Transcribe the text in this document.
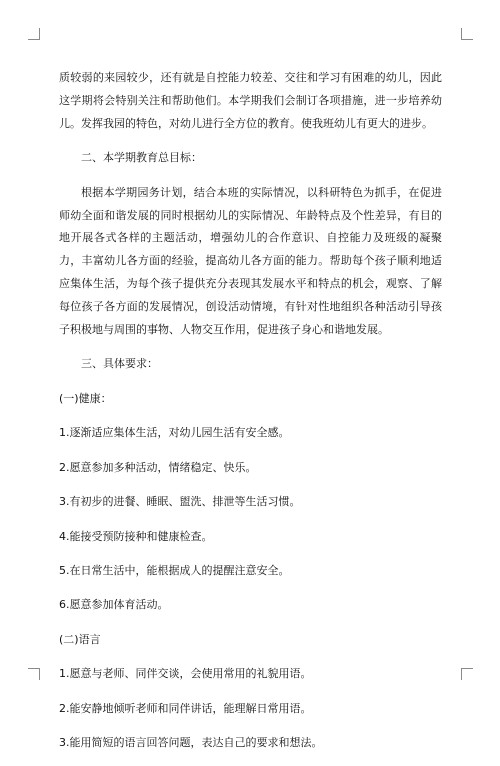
质较弱的来园较少，还有就是自控能力较差、交往和学习有困难的幼儿，因此这学期将会特别关注和帮助他们。本学期我们会制订各项措施，进一步培养幼儿。发挥我园的特色，对幼儿进行全方位的教育。使我班幼儿有更大的进步。

二、本学期教育总目标：

根据本学期园务计划，结合本班的实际情况，以科研特色为抓手，在促进师幼全面和谐发展的同时根据幼儿的实际情况、年龄特点及个性差异，有目的地开展各式各样的主题活动，增强幼儿的合作意识、自控能力及班级的凝聚力，丰富幼儿各方面的经验，提高幼儿各方面的能力。帮助每个孩子顺利地适应集体生活，为每个孩子提供充分表现其发展水平和特点的机会，观察、了解每位孩子各方面的发展情况，创设活动情境，有针对性地组织各种活动引导孩子积极地与周围的事物、人物交互作用，促进孩子身心和谐地发展。

三、具体要求：

(一)健康：
1.逐渐适应集体生活，对幼儿园生活有安全感。
2.愿意参加多种活动，情绪稳定、快乐。
3.有初步的进餐、睡眠、盥洗、排泄等生活习惯。
4.能接受预防接种和健康检查。
5.在日常生活中，能根据成人的提醒注意安全。
6.愿意参加体育活动。
(二)语言
1.愿意与老师、同伴交谈，会使用常用的礼貌用语。
2.能安静地倾听老师和同伴讲话，能理解日常用语。
3.能用简短的语言回答问题，表达自己的要求和想法。
